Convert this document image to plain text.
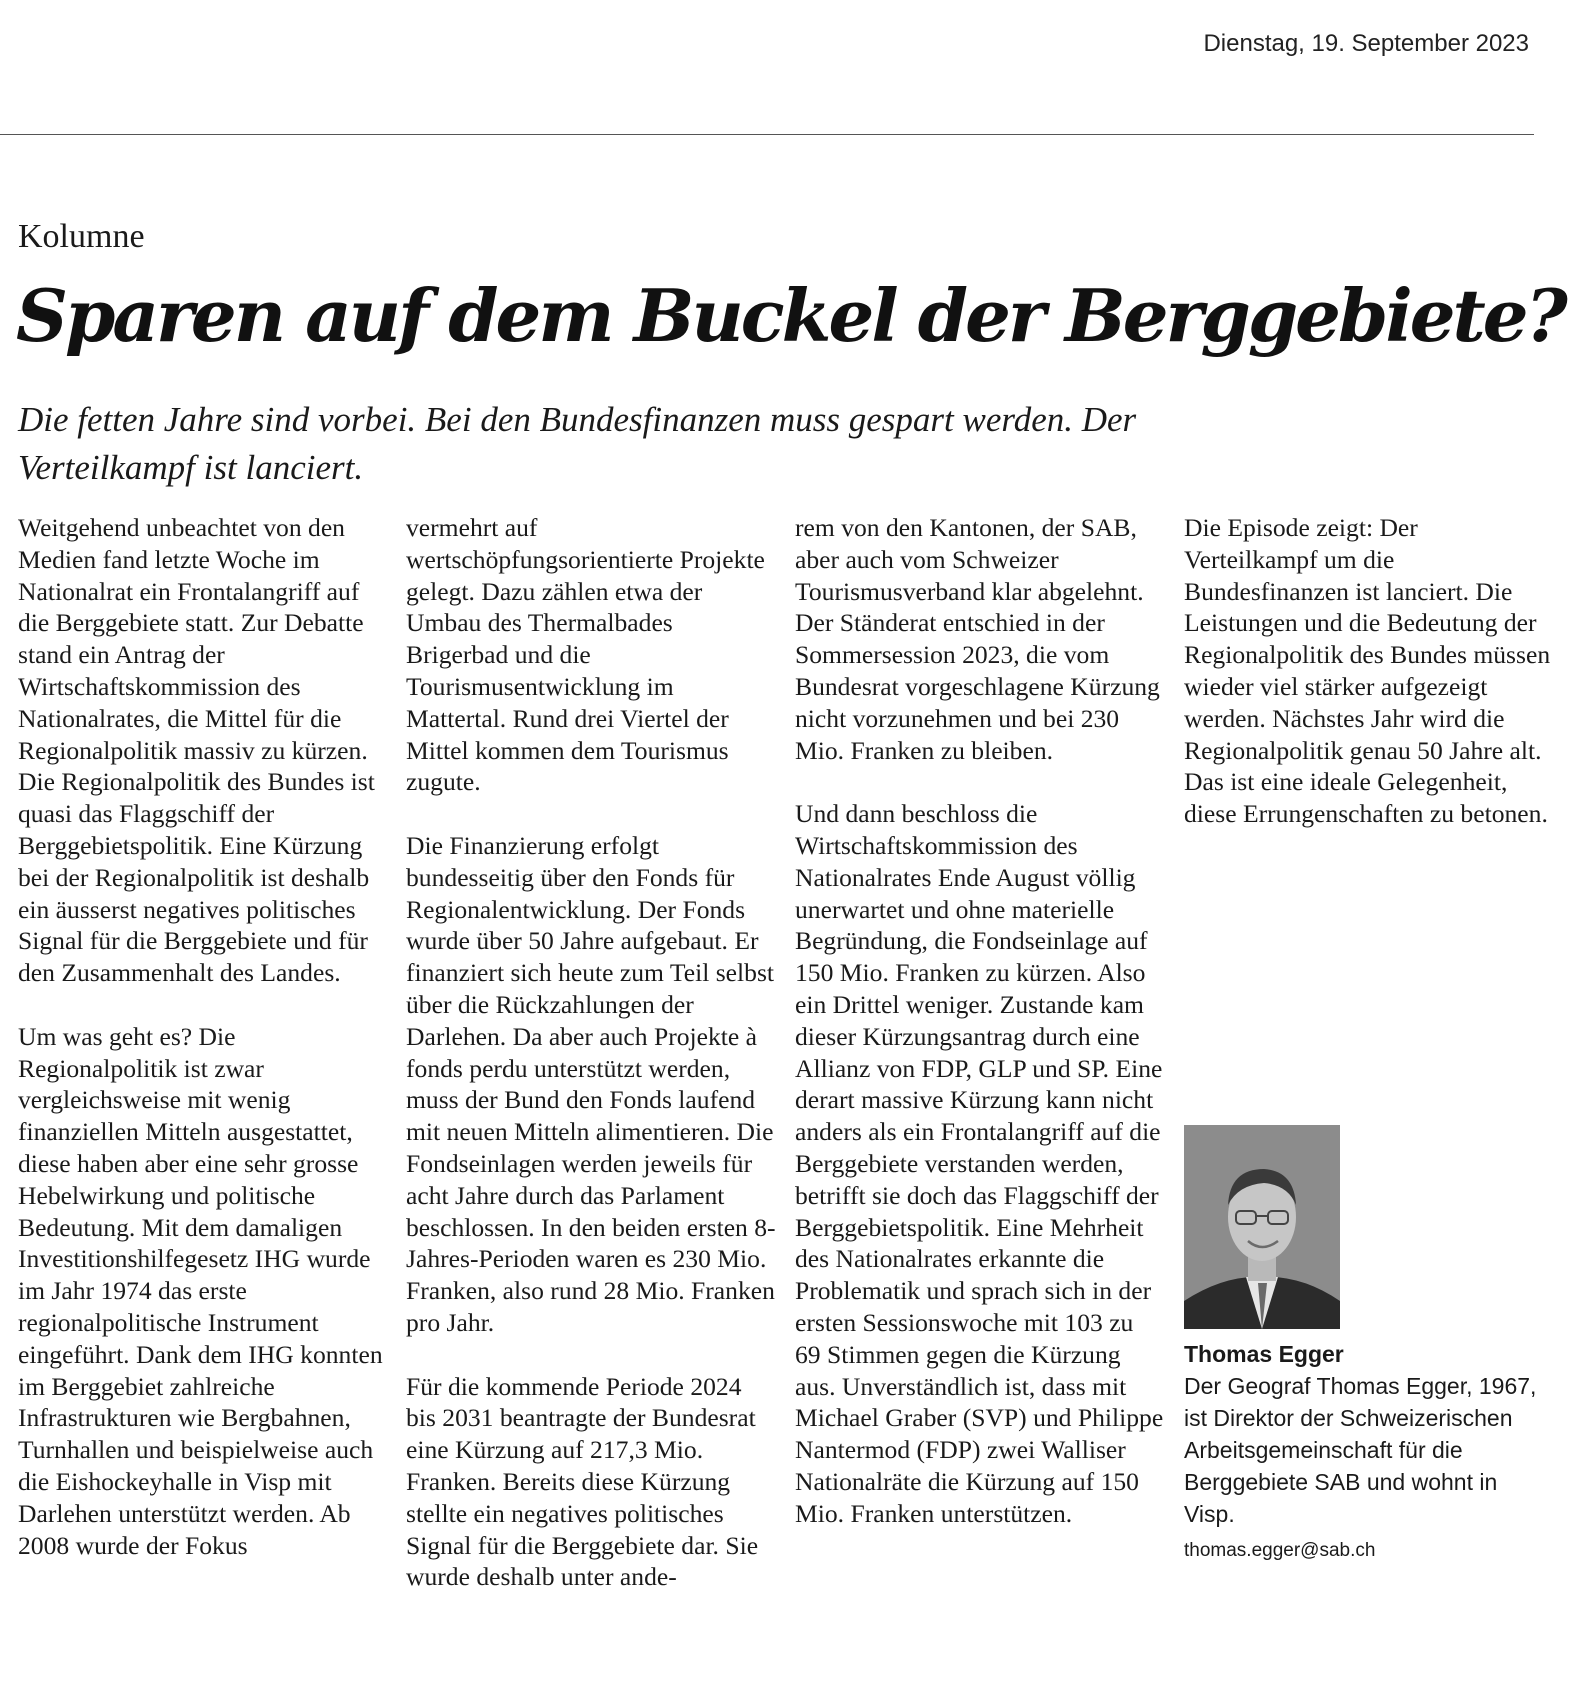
Dienstag, 19. September 2023
Kolumne
Sparen auf dem Buckel der Berggebiete?
Die fetten Jahre sind vorbei. Bei den Bundesfinanzen muss gespart werden. Der Verteilkampf ist lanciert.

Weitgehend unbeachtet von den Medien fand letzte Woche im Nationalrat ein Frontalangriff auf die Berggebiete statt. Zur Debatte stand ein Antrag der Wirtschaftskommission des Nationalrates, die Mittel für die Regionalpolitik massiv zu kürzen. Die Regionalpolitik des Bundes ist quasi das Flaggschiff der Berggebietspolitik. Eine Kürzung bei der Regionalpolitik ist deshalb ein äusserst negatives politisches Signal für die Berggebiete und für den Zusammenhalt des Landes.

Um was geht es? Die Regionalpolitik ist zwar vergleichsweise mit wenig finanziellen Mitteln ausgestattet, diese haben aber eine sehr grosse Hebelwirkung und politische Bedeutung. Mit dem damaligen Investitionshilfegesetz IHG wurde im Jahr 1974 das erste regionalpolitische Instrument eingeführt. Dank dem IHG konnten im Berggebiet zahlreiche Infrastrukturen wie Bergbahnen, Turnhallen und beispielweise auch die Eishockeyhalle in Visp mit Darlehen unterstützt werden. Ab 2008 wurde der Fokus

vermehrt auf wertschöpfungsorientierte Projekte gelegt. Dazu zählen etwa der Umbau des Thermalbades Brigerbad und die Tourismusentwicklung im Mattertal. Rund drei Viertel der Mittel kommen dem Tourismus zugute.

Die Finanzierung erfolgt bundesseitig über den Fonds für Regionalentwicklung. Der Fonds wurde über 50 Jahre aufgebaut. Er finanziert sich heute zum Teil selbst über die Rückzahlungen der Darlehen. Da aber auch Projekte à fonds perdu unterstützt werden, muss der Bund den Fonds laufend mit neuen Mitteln alimentieren. Die Fondseinlagen werden jeweils für acht Jahre durch das Parlament beschlossen. In den beiden ersten 8-Jahres-Perioden waren es 230 Mio. Franken, also rund 28 Mio. Franken pro Jahr.

Für die kommende Periode 2024 bis 2031 beantragte der Bundesrat eine Kürzung auf 217,3 Mio. Franken. Bereits diese Kürzung stellte ein negatives politisches Signal für die Berggebiete dar. Sie wurde deshalb unter ande-

rem von den Kantonen, der SAB, aber auch vom Schweizer Tourismusverband klar abgelehnt. Der Ständerat entschied in der Sommersession 2023, die vom Bundesrat vorgeschlagene Kürzung nicht vorzunehmen und bei 230 Mio. Franken zu bleiben.

Und dann beschloss die Wirtschaftskommission des Nationalrates Ende August völlig unerwartet und ohne materielle Begründung, die Fondseinlage auf 150 Mio. Franken zu kürzen. Also ein Drittel weniger. Zustande kam dieser Kürzungsantrag durch eine Allianz von FDP, GLP und SP. Eine derart massive Kürzung kann nicht anders als ein Frontalangriff auf die Berggebiete verstanden werden, betrifft sie doch das Flaggschiff der Berggebietspolitik. Eine Mehrheit des Nationalrates erkannte die Problematik und sprach sich in der ersten Sessionswoche mit 103 zu 69 Stimmen gegen die Kürzung aus. Unverständlich ist, dass mit Michael Graber (SVP) und Philippe Nantermod (FDP) zwei Walliser Nationalräte die Kürzung auf 150 Mio. Franken unterstützen.

Die Episode zeigt: Der Verteilkampf um die Bundesfinanzen ist lanciert. Die Leistungen und die Bedeutung der Regionalpolitik des Bundes müssen wieder viel stärker aufgezeigt werden. Nächstes Jahr wird die Regionalpolitik genau 50 Jahre alt. Das ist eine ideale Gelegenheit, diese Errungenschaften zu betonen.

Thomas Egger
Der Geograf Thomas Egger, 1967, ist Direktor der Schweizerischen Arbeitsgemeinschaft für die Berggebiete SAB und wohnt in Visp.
thomas.egger@sab.ch
